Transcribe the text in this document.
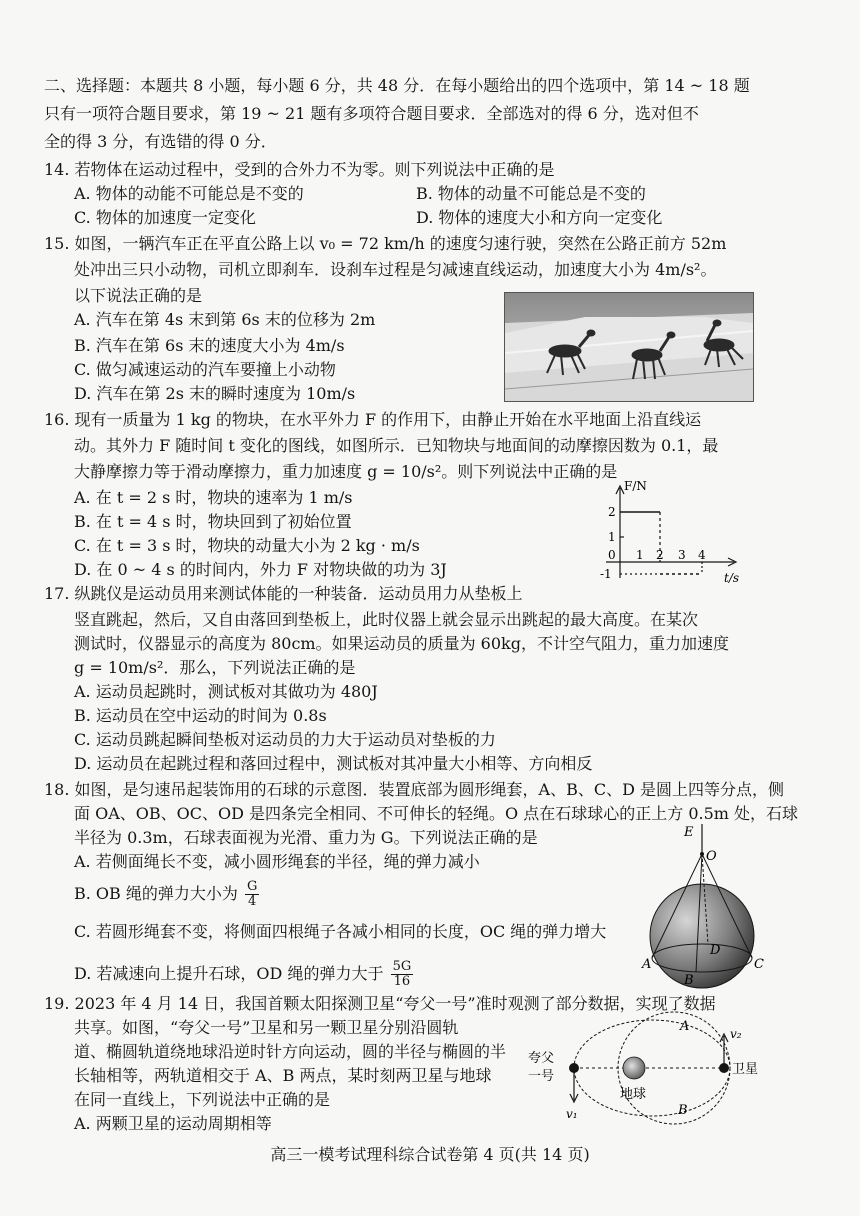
二、选择题：本题共 8 小题，每小题 6 分，共 48 分．在每小题给出的四个选项中，第 14 ~ 18 题
只有一项符合题目要求，第 19 ~ 21 题有多项符合题目要求．全部选对的得 6 分，选对但不
全的得 3 分，有选错的得 0 分．
14. 若物体在运动过程中，受到的合外力不为零。则下列说法中正确的是
A. 物体的动能不可能总是不变的	B. 物体的动量不可能总是不变的
C. 物体的加速度一定变化	D. 物体的速度大小和方向一定变化
15. 如图，一辆汽车正在平直公路上以 v₀ = 72 km/h 的速度匀速行驶，突然在公路正前方 52m
处冲出三只小动物，司机立即刹车．设刹车过程是匀减速直线运动，加速度大小为 4m/s²。
以下说法正确的是
A. 汽车在第 4s 末到第 6s 末的位移为 2m
B. 汽车在第 6s 末的速度大小为 4m/s
C. 做匀减速运动的汽车要撞上小动物
D. 汽车在第 2s 末的瞬时速度为 10m/s
16. 现有一质量为 1 kg 的物块，在水平外力 F 的作用下，由静止开始在水平地面上沿直线运
动。其外力 F 随时间 t 变化的图线，如图所示．已知物块与地面间的动摩擦因数为 0.1，最
大静摩擦力等于滑动摩擦力，重力加速度 g = 10/s²。则下列说法中正确的是
A. 在 t = 2 s 时，物块的速率为 1 m/s
B. 在 t = 4 s 时，物块回到了初始位置
C. 在 t = 3 s 时，物块的动量大小为 2 kg · m/s
D. 在 0 ~ 4 s 的时间内，外力 F 对物块做的功为 3J
F/N
t/s
2
1
0
-1
1 2 3 4
17. 纵跳仪是运动员用来测试体能的一种装备．运动员用力从垫板上
竖直跳起，然后，又自由落回到垫板上，此时仪器上就会显示出跳起的最大高度。在某次
测试时，仪器显示的高度为 80cm。如果运动员的质量为 60kg，不计空气阻力，重力加速度
g = 10m/s²．那么，下列说法正确的是
A. 运动员起跳时，测试板对其做功为 480J
B. 运动员在空中运动的时间为 0.8s
C. 运动员跳起瞬间垫板对运动员的力大于运动员对垫板的力
D. 运动员在起跳过程和落回过程中，测试板对其冲量大小相等、方向相反
18. 如图，是匀速吊起装饰用的石球的示意图．装置底部为圆形绳套，A、B、C、D 是圆上四等分点，侧
面 OA、OB、OC、OD 是四条完全相同、不可伸长的轻绳。O 点在石球球心的正上方 0.5m 处，石球
半径为 0.3m，石球表面视为光滑、重力为 G。下列说法正确的是
A. 若侧面绳长不变，减小圆形绳套的半径，绳的弹力减小
B. OB 绳的弹力大小为 $\frac{G}{4}$
C. 若圆形绳套不变，将侧面四根绳子各减小相同的长度，OC 绳的弹力增大
D. 若减速向上提升石球，OD 绳的弹力大于 $\frac{5G}{16}$
E
O
A
B
C
D
19. 2023 年 4 月 14 日，我国首颗太阳探测卫星“夸父一号”准时观测了部分数据，实现了数据
共享。如图，“夸父一号”卫星和另一颗卫星分别沿圆轨
道、椭圆轨道绕地球沿逆时针方向运动，圆的半径与椭圆的半
长轴相等，两轨道相交于 A、B 两点，某时刻两卫星与地球
在同一直线上，下列说法中正确的是
A. 两颗卫星的运动周期相等
夸父
一号
地球
卫星
A
B
v₁
v₂
高三一模考试理科综合试卷第 4 页(共 14 页)
